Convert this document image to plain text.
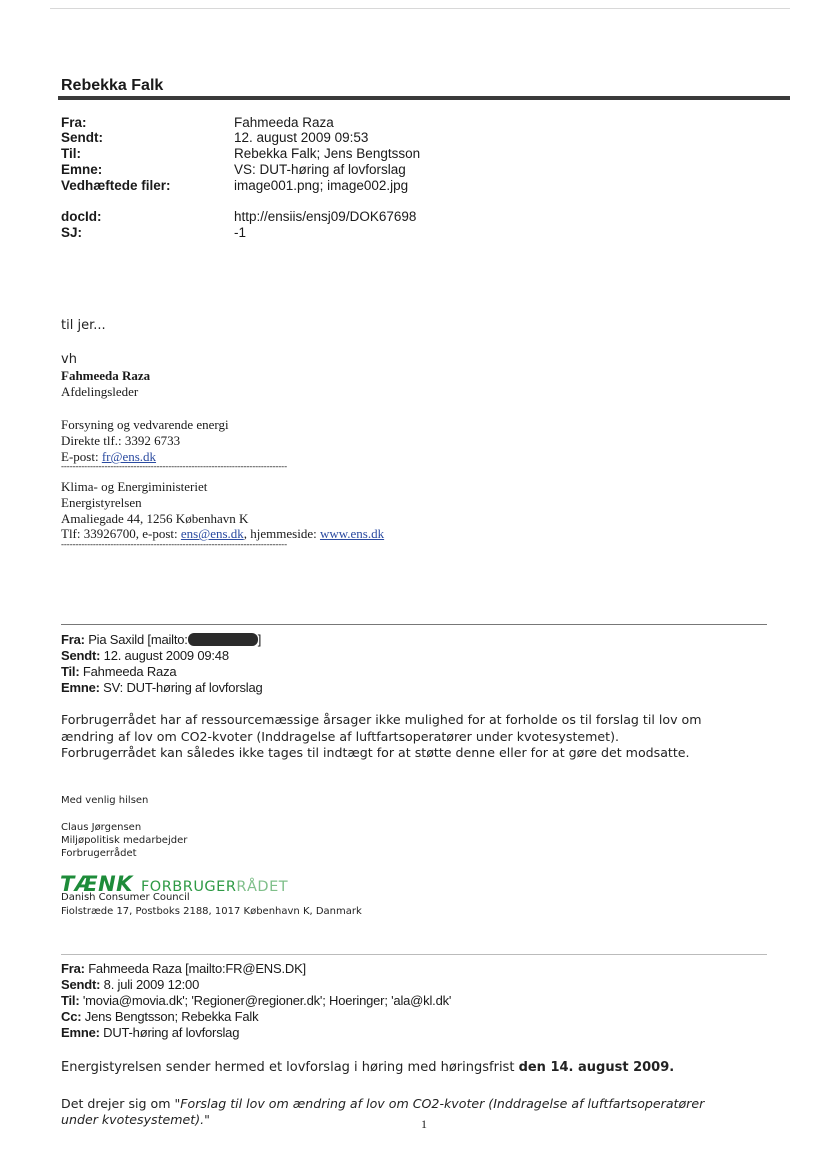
Rebekka Falk
Fra:	Fahmeeda Raza
Sendt:	12. august 2009 09:53
Til:	Rebekka Falk; Jens Bengtsson
Emne:	VS: DUT-høring af lovforslag
Vedhæftede filer:	image001.png; image002.jpg
docId:	http://ensiis/ensj09/DOK67698
SJ:	-1
til jer...
vh
Fahmeeda Raza
Afdelingsleder
Forsyning og vedvarende energi
Direkte tlf.: 3392 6733
E-post: fr@ens.dk
------------------------------------------------------------------------------
Klima- og Energiministeriet
Energistyrelsen
Amaliegade 44, 1256 København K
Tlf: 33926700, e-post: ens@ens.dk, hjemmeside: www.ens.dk
------------------------------------------------------------------------------
Fra: Pia Saxild [mailto:	]
Sendt: 12. august 2009 09:48
Til: Fahmeeda Raza
Emne: SV: DUT-høring af lovforslag
Forbrugerrådet har af ressourcemæssige årsager ikke mulighed for at forholde os til forslag til lov om
ændring af lov om CO2-kvoter (Inddragelse af luftfartsoperatører under kvotesystemet).
Forbrugerrådet kan således ikke tages til indtægt for at støtte denne eller for at gøre det modsatte.
Med venlig hilsen
Claus Jørgensen
Miljøpolitisk medarbejder
Forbrugerrådet
TÆNK FORBRUGERRÅDET
Danish Consumer Council
Fiolstræde 17, Postboks 2188, 1017 København K, Danmark
Fra: Fahmeeda Raza [mailto:FR@ENS.DK]
Sendt: 8. juli 2009 12:00
Til: 'movia@movia.dk'; 'Regioner@regioner.dk'; Hoeringer; 'ala@kl.dk'
Cc: Jens Bengtsson; Rebekka Falk
Emne: DUT-høring af lovforslag
Energistyrelsen sender hermed et lovforslag i høring med høringsfrist den 14. august 2009.
Det drejer sig om "Forslag til lov om ændring af lov om CO2-kvoter (Inddragelse af luftfartsoperatører
under kvotesystemet)."	1
